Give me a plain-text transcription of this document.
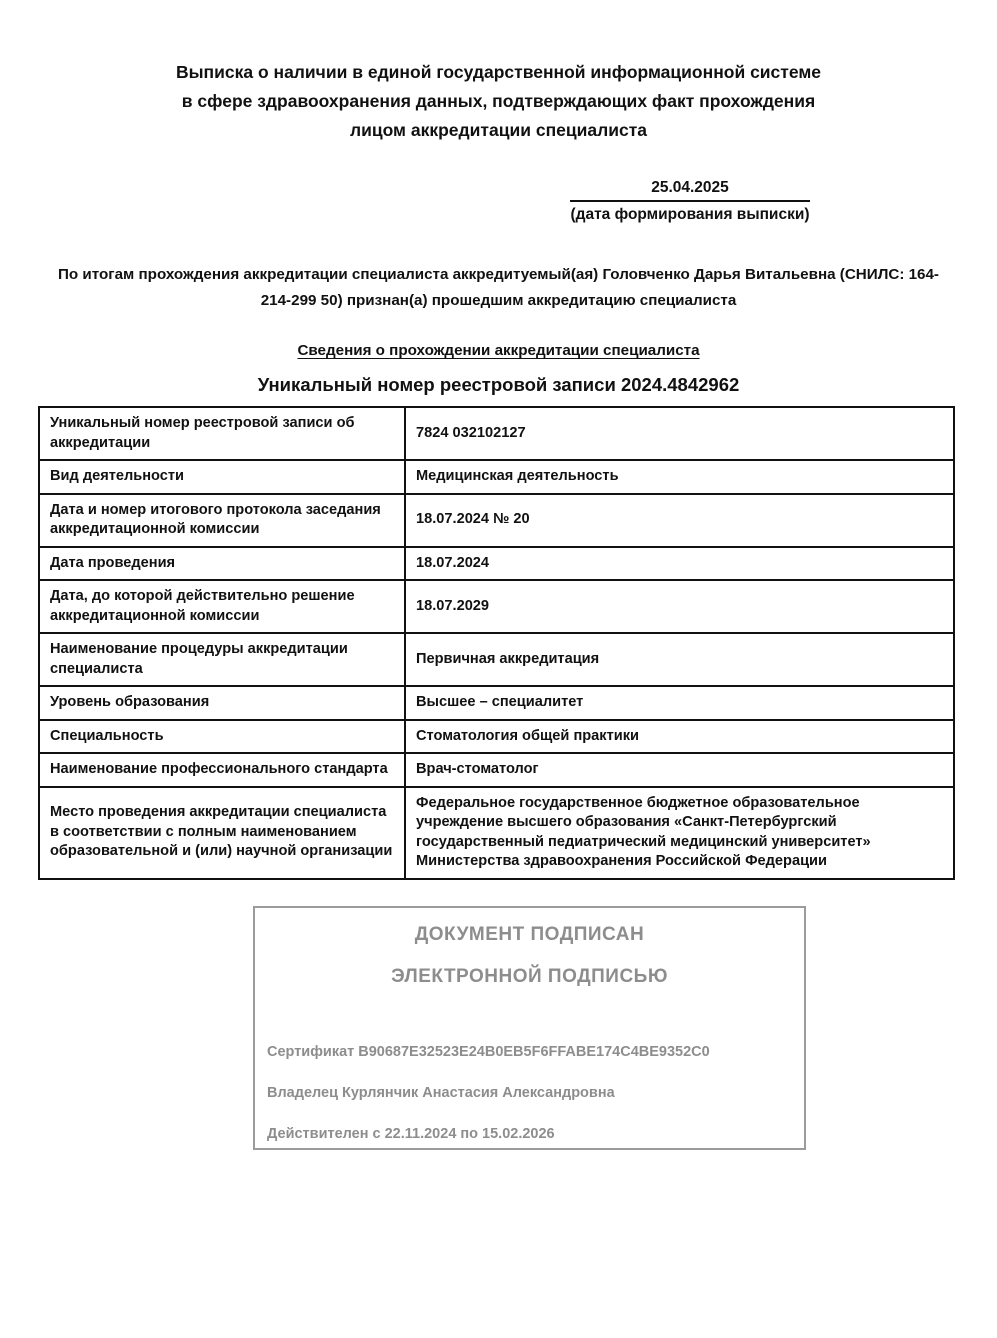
Выписка о наличии в единой государственной информационной системе в сфере здравоохранения данных, подтверждающих факт прохождения лицом аккредитации специалиста
25.04.2025
(дата формирования выписки)

По итогам прохождения аккредитации специалиста аккредитуемый(ая) Головченко Дарья Витальевна (СНИЛС: 164-214-299 50) признан(а) прошедшим аккредитацию специалиста

Сведения о прохождении аккредитации специалиста
Уникальный номер реестровой записи 2024.4842962
Уникальный номер реестровой записи об аккредитации	7824 032102127
Вид деятельности	Медицинская деятельность
Дата и номер итогового протокола заседания аккредитационной комиссии	18.07.2024 № 20
Дата проведения	18.07.2024
Дата, до которой действительно решение аккредитационной комиссии	18.07.2029
Наименование процедуры аккредитации специалиста	Первичная аккредитация
Уровень образования	Высшее – специалитет
Специальность	Стоматология общей практики
Наименование профессионального стандарта	Врач-стоматолог
Место проведения аккредитации специалиста в соответствии с полным наименованием образовательной и (или) научной организации	Федеральное государственное бюджетное образовательное учреждение высшего образования «Санкт-Петербургский государственный педиатрический медицинский университет» Министерства здравоохранения Российской Федерации
ДОКУМЕНТ ПОДПИСАН
ЭЛЕКТРОННОЙ ПОДПИСЬЮ
Сертификат B90687E32523E24B0EB5F6FFABE174C4BE9352C0
Владелец Курлянчик Анастасия Александровна
Действителен с 22.11.2024 по 15.02.2026
